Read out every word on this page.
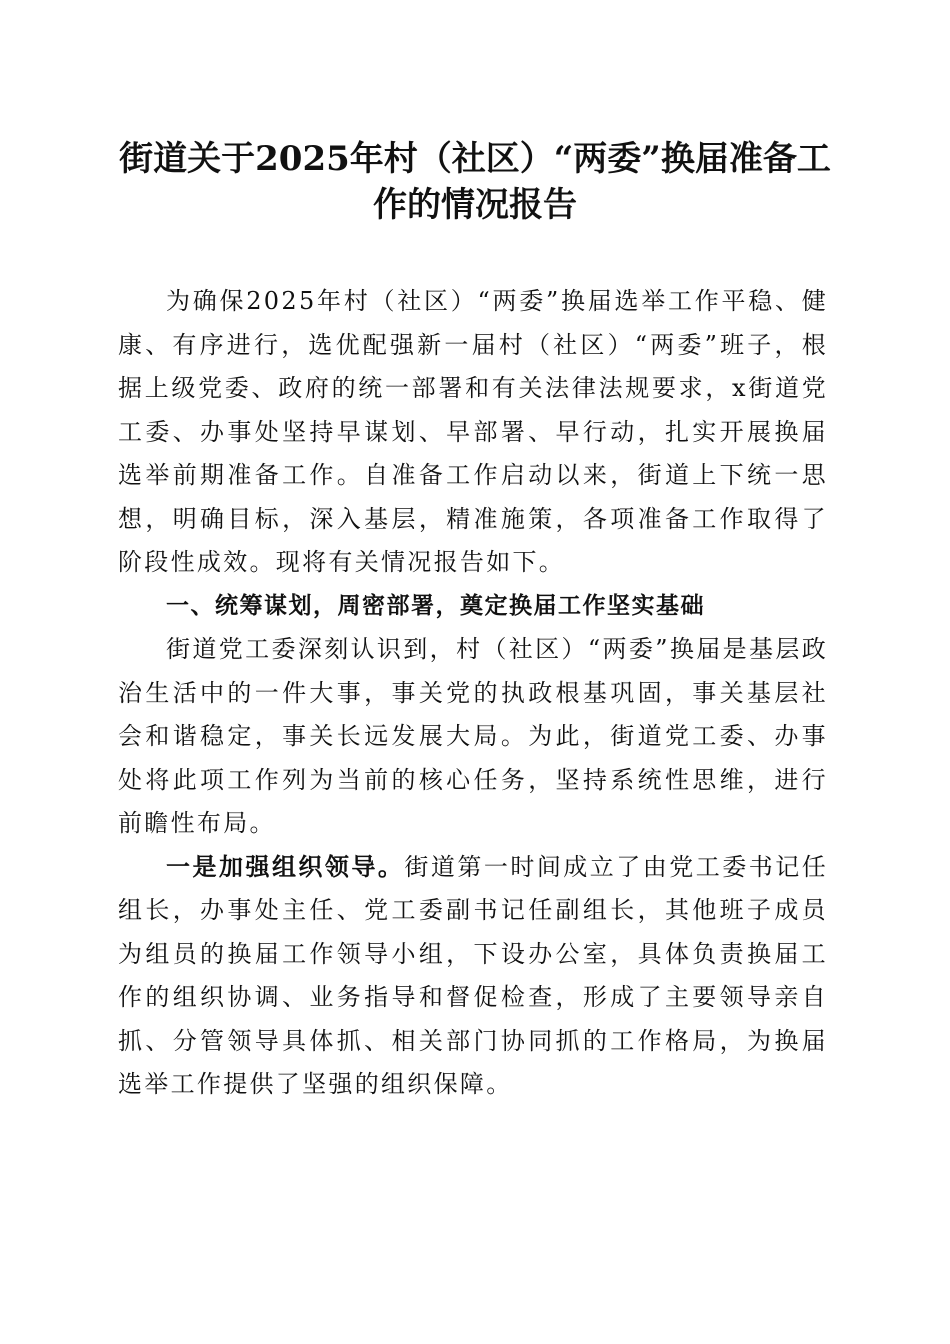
街道关于2025年村（社区）“两委”换届准备工作的情况报告

为确保2025年村（社区）“两委”换届选举工作平稳、健康、有序进行，选优配强新一届村（社区）“两委”班子，根据上级党委、政府的统一部署和有关法律法规要求，x街道党工委、办事处坚持早谋划、早部署、早行动，扎实开展换届选举前期准备工作。自准备工作启动以来，街道上下统一思想，明确目标，深入基层，精准施策，各项准备工作取得了阶段性成效。现将有关情况报告如下。

一、统筹谋划，周密部署，奠定换届工作坚实基础

街道党工委深刻认识到，村（社区）“两委”换届是基层政治生活中的一件大事，事关党的执政根基巩固，事关基层社会和谐稳定，事关长远发展大局。为此，街道党工委、办事处将此项工作列为当前的核心任务，坚持系统性思维，进行前瞻性布局。

一是加强组织领导。街道第一时间成立了由党工委书记任组长，办事处主任、党工委副书记任副组长，其他班子成员为组员的换届工作领导小组，下设办公室，具体负责换届工作的组织协调、业务指导和督促检查，形成了主要领导亲自抓、分管领导具体抓、相关部门协同抓的工作格局，为换届选举工作提供了坚强的组织保障。
